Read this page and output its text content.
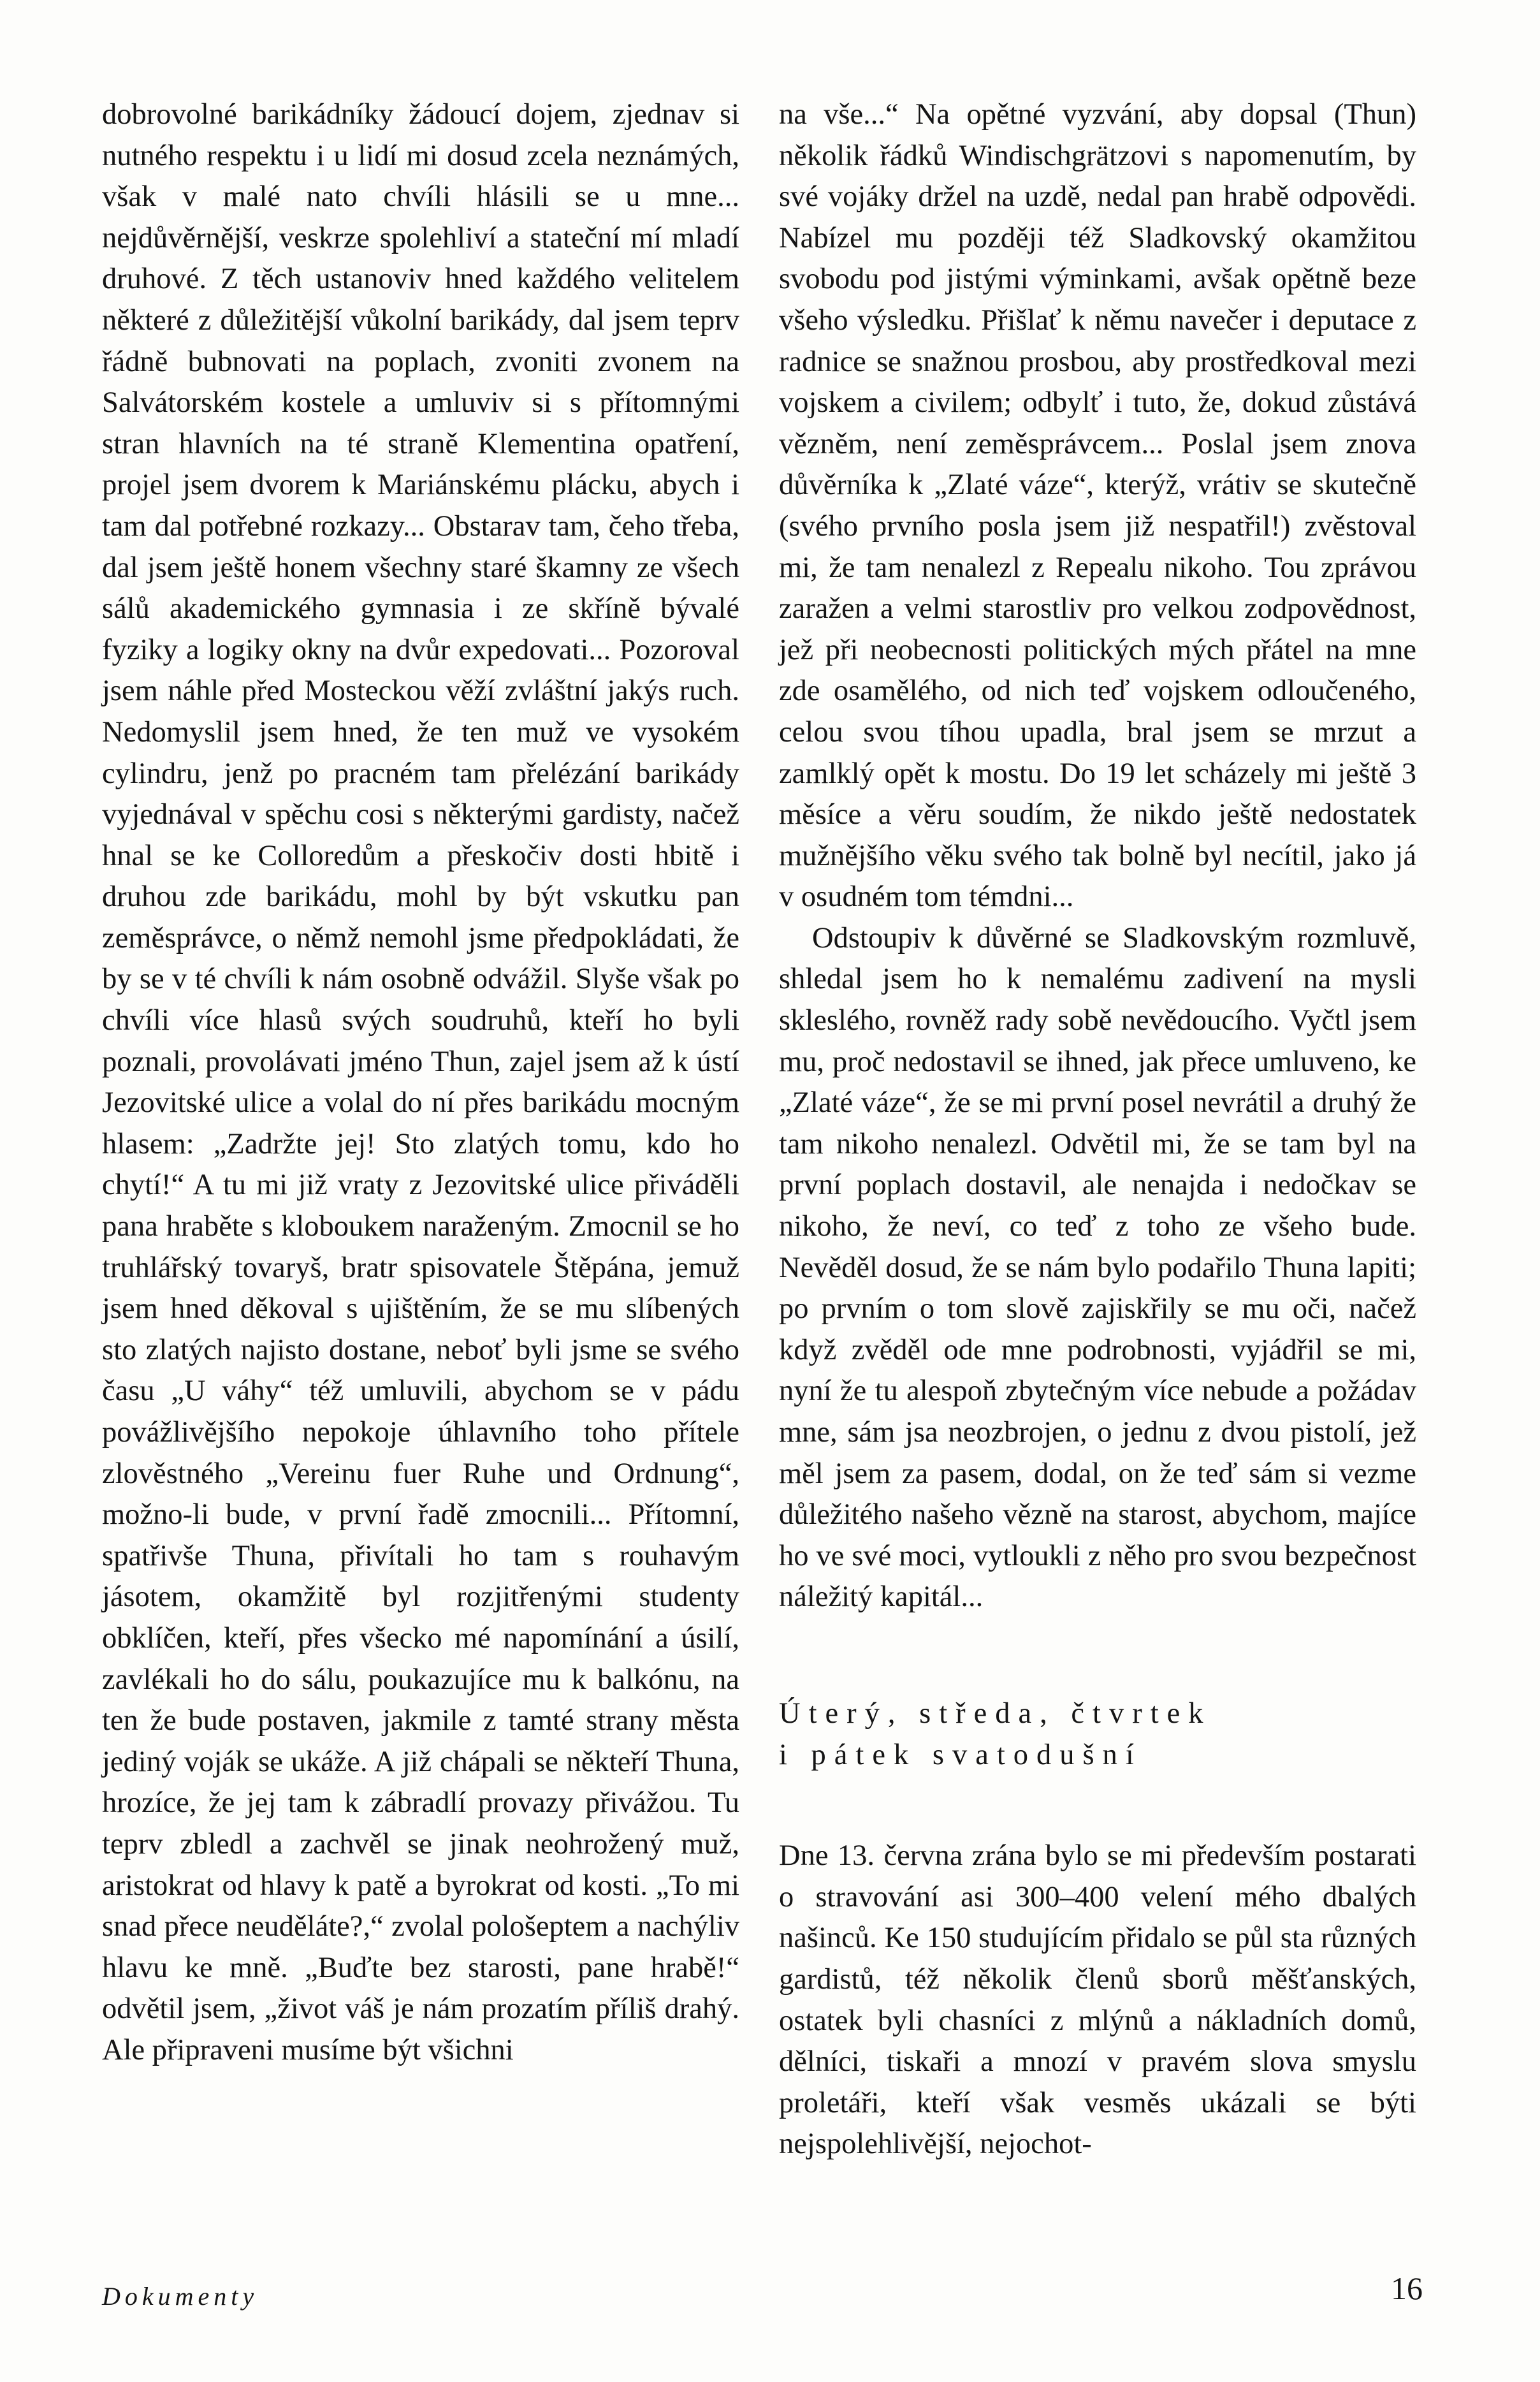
dobrovolné barikádníky žádoucí dojem, zjednav si nutného respektu i u lidí mi dosud zcela neznámých, však v malé nato chvíli hlásili se u mne... nejdůvěrnější, veskrze spolehliví a stateční mí mladí druhové. Z těch ustanoviv hned každého velitelem některé z důležitější vůkolní barikády, dal jsem teprv řádně bubnovati na poplach, zvoniti zvonem na Salvátorském kostele a umluviv si s přítomnými stran hlavních na té straně Klementina opatření, projel jsem dvorem k Mariánskému plácku, abych i tam dal potřebné rozkazy... Obstarav tam, čeho třeba, dal jsem ještě honem všechny staré škamny ze všech sálů akademického gymnasia i ze skříně bývalé fyziky a logiky okny na dvůr expedovati... Pozoroval jsem náhle před Mosteckou věží zvláštní jakýs ruch. Nedomyslil jsem hned, že ten muž ve vysokém cylindru, jenž po pracném tam přelézání barikády vyjednával v spěchu cosi s některými gardisty, načež hnal se ke Colloredům a přeskočiv dosti hbitě i druhou zde barikádu, mohl by být vskutku pan zeměsprávce, o němž nemohl jsme předpokládati, že by se v té chvíli k nám osobně odvážil. Slyše však po chvíli více hlasů svých soudruhů, kteří ho byli poznali, provolávati jméno Thun, zajel jsem až k ústí Jezovitské ulice a volal do ní přes barikádu mocným hlasem: „Zadržte jej! Sto zlatých tomu, kdo ho chytí!“ A tu mi již vraty z Jezovitské ulice přiváděli pana hraběte s kloboukem naraženým. Zmocnil se ho truhlářský tovaryš, bratr spisovatele Štěpána, jemuž jsem hned děkoval s ujištěním, že se mu slíbených sto zlatých najisto dostane, neboť byli jsme se svého času „U váhy“ též umluvili, abychom se v pádu povážlivějšího nepokoje úhlavního toho přítele zlověstného „Vereinu fuer Ruhe und Ordnung“, možno-li bude, v první řadě zmocnili... Přítomní, spatřivše Thuna, přivítali ho tam s rouhavým jásotem, okamžitě byl rozjitřenými studenty obklíčen, kteří, přes všecko mé napomínání a úsilí, zavlékali ho do sálu, poukazujíce mu k balkónu, na ten že bude postaven, jakmile z tamté strany města jediný voják se ukáže. A již chápali se někteří Thuna, hrozíce, že jej tam k zábradlí provazy přivážou. Tu teprv zbledl a zachvěl se jinak neohrožený muž, aristokrat od hlavy k patě a byrokrat od kosti. „To mi snad přece neuděláte?,“ zvolal pološeptem a nachýliv hlavu ke mně. „Buďte bez starosti, pane hrabě!“ odvětil jsem, „život váš je nám prozatím příliš drahý. Ale připraveni musíme být všichni

na vše...“ Na opětné vyzvání, aby dopsal (Thun) několik řádků Windischgrätzovi s napomenutím, by své vojáky držel na uzdě, nedal pan hrabě odpovědi. Nabízel mu později též Sladkovský okamžitou svobodu pod jistými výminkami, avšak opětně beze všeho výsledku. Přišlať k němu navečer i deputace z radnice se snažnou prosbou, aby prostředkoval mezi vojskem a civilem; odbylť i tuto, že, dokud zůstává vězněm, není zeměsprávcem... Poslal jsem znova důvěrníka k „Zlaté váze“, kterýž, vrátiv se skutečně (svého prvního posla jsem již nespatřil!) zvěstoval mi, že tam nenalezl z Repealu nikoho. Tou zprávou zaražen a velmi starostliv pro velkou zodpovědnost, jež při neobecnosti politických mých přátel na mne zde osamělého, od nich teď vojskem odloučeného, celou svou tíhou upadla, bral jsem se mrzut a zamlklý opět k mostu. Do 19 let scházely mi ještě 3 měsíce a věru soudím, že nikdo ještě nedostatek mužnějšího věku svého tak bolně byl necítil, jako já v osudném tom témdni...

Odstoupiv k důvěrné se Sladkovským rozmluvě, shledal jsem ho k nemalému zadivení na mysli skleslého, rovněž rady sobě nevědoucího. Vyčtl jsem mu, proč nedostavil se ihned, jak přece umluveno, ke „Zlaté váze“, že se mi první posel nevrátil a druhý že tam nikoho nenalezl. Odvětil mi, že se tam byl na první poplach dostavil, ale nenajda i nedočkav se nikoho, že neví, co teď z toho ze všeho bude. Nevěděl dosud, že se nám bylo podařilo Thuna lapiti; po prvním o tom slově zajiskřily se mu oči, načež když zvěděl ode mne podrobnosti, vyjádřil se mi, nyní že tu alespoň zbytečným více nebude a požádav mne, sám jsa neozbrojen, o jednu z dvou pistolí, jež měl jsem za pasem, dodal, on že teď sám si vezme důležitého našeho vězně na starost, abychom, majíce ho ve své moci, vytloukli z něho pro svou bezpečnost náležitý kapitál...

Úterý, středa, čtvrtek
i pátek svatodušní

Dne 13. června zrána bylo se mi především postarati o stravování asi 300–400 velení mého dbalých našinců. Ke 150 studujícím přidalo se půl sta různých gardistů, též několik členů sborů měšťanských, ostatek byli chasníci z mlýnů a nákladních domů, dělníci, tiskaři a mnozí v pravém slova smyslu proletáři, kteří však vesměs ukázali se býti nejspolehlivější, nejochot-

Dokumenty	16
